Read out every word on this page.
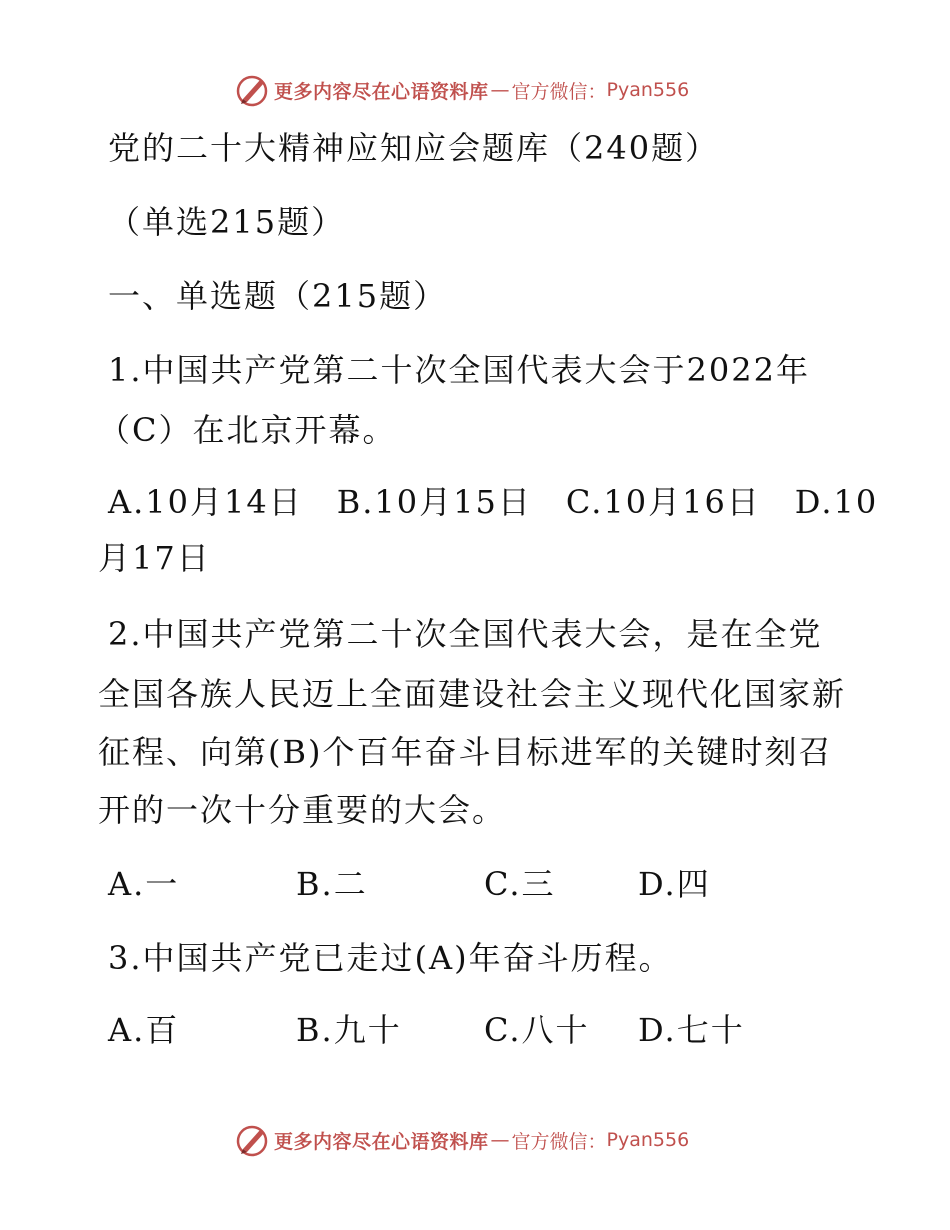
更多内容尽在心语资料库 — 官方微信： Pyan556
党的二十大精神应知应会题库（240题）
（单选215题）
一、单选题（215题）
1.中国共产党第二十次全国代表大会于2022年
（C）在北京开幕。
A.10月14日　B.10月15日　C.10月16日　D.10
月17日
2.中国共产党第二十次全国代表大会，是在全党
全国各族人民迈上全面建设社会主义现代化国家新
征程、向第(B)个百年奋斗目标进军的关键时刻召
开的一次十分重要的大会。
A.一	B.二	C.三	D.四
3.中国共产党已走过(A)年奋斗历程。
A.百	B.九十	C.八十 D.七十
更多内容尽在心语资料库 — 官方微信： Pyan556
